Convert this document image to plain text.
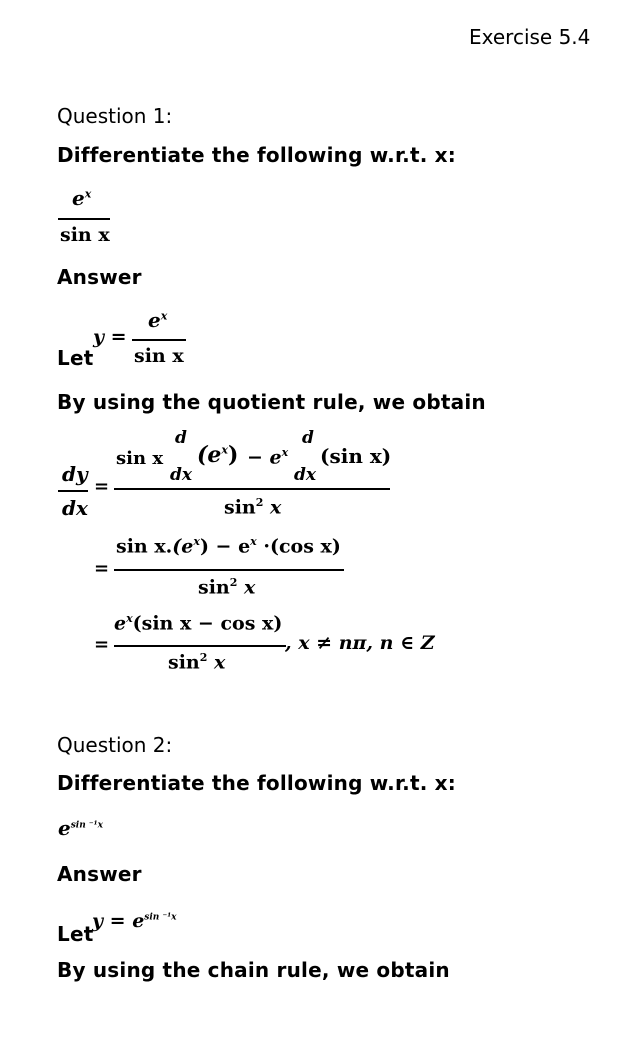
Exercise 5.4
Question 1:
Differentiate the following w.r.t. x:
$e^x$
sin x
Answer
Let
y =
$e^x$
sin x
By using the quotient rule, we obtain
dy
dx
=
sin x
d
dx
$(e^x) - e^x$
d
dx
(sin x)
$\sin^2 x$
=
$\sin x.(e^x) - e^x \cdot(\cos$ x)
$\sin^2 x$
=
$e^x(\sin$ x − cos x)
$\sin^2 x$
, x ≠ nπ, n ∈ Z
Question 2:
Differentiate the following w.r.t. x:
$e^{sin ^{-1}x}$
Answer
Let
$y = e^{sin ^{-1}x}$
By using the chain rule, we obtain
